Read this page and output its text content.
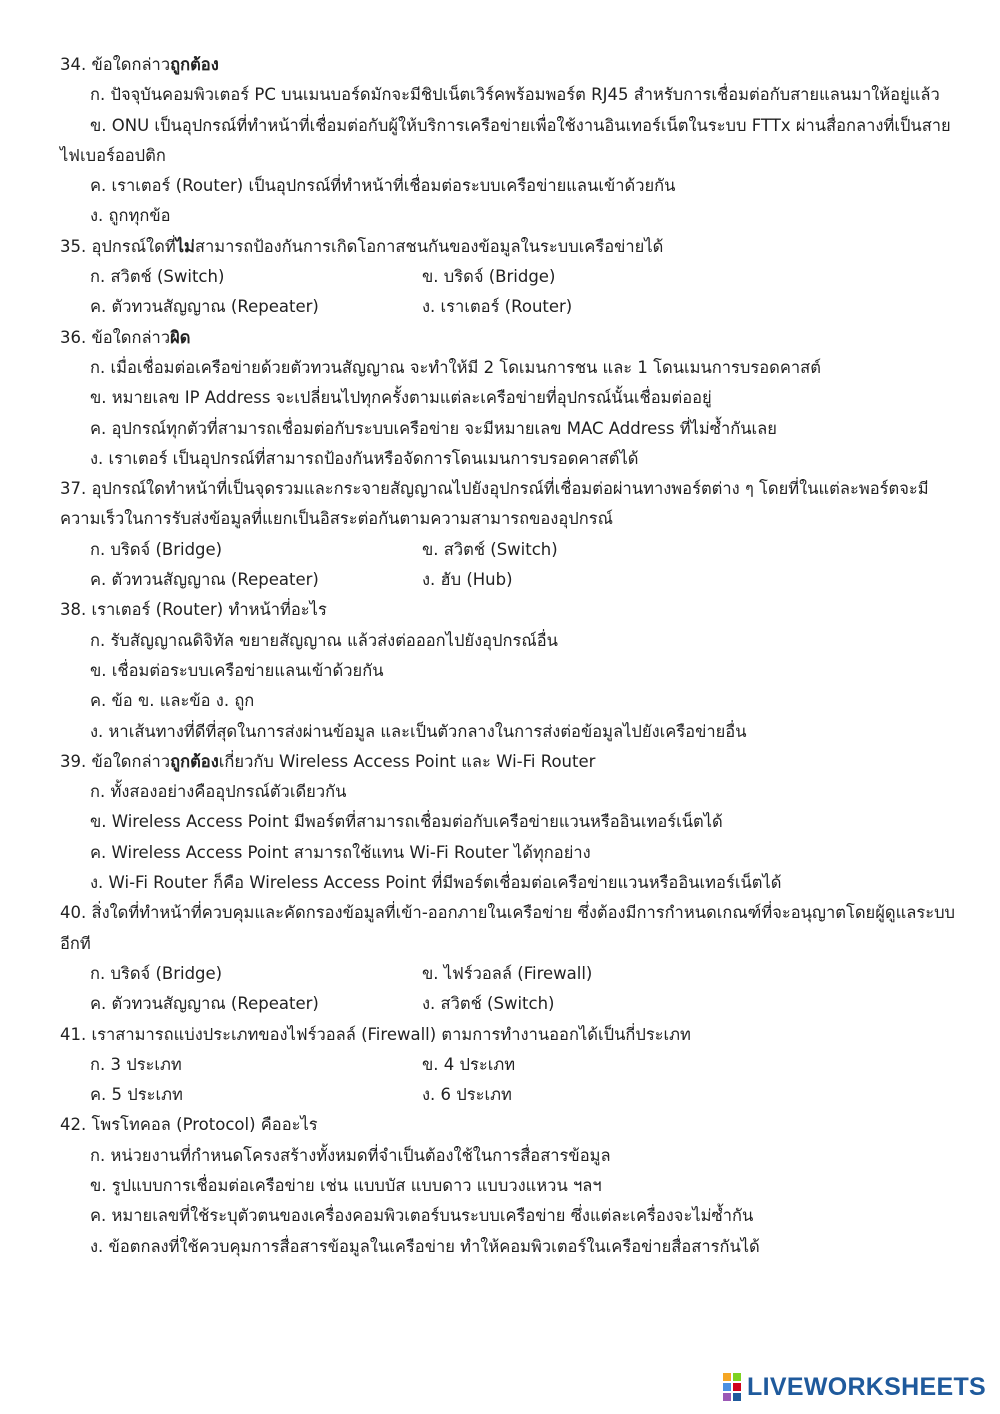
34. ข้อใดกล่าวถูกต้อง
ก. ปัจจุบันคอมพิวเตอร์ PC บนเมนบอร์ดมักจะมีชิปเน็ตเวิร์คพร้อมพอร์ต RJ45 สำหรับการเชื่อมต่อกับสายแลนมาให้อยู่แล้ว
ข. ONU เป็นอุปกรณ์ที่ทำหน้าที่เชื่อมต่อกับผู้ให้บริการเครือข่ายเพื่อใช้งานอินเทอร์เน็ตในระบบ FTTx ผ่านสื่อกลางที่เป็นสายไฟเบอร์ออปติก
ค. เราเตอร์ (Router) เป็นอุปกรณ์ที่ทำหน้าที่เชื่อมต่อระบบเครือข่ายแลนเข้าด้วยกัน
ง. ถูกทุกข้อ
35. อุปกรณ์ใดที่ไม่สามารถป้องกันการเกิดโอกาสชนกันของข้อมูลในระบบเครือข่ายได้
ก. สวิตช์ (Switch)	ข. บริดจ์ (Bridge)
ค. ตัวทวนสัญญาณ (Repeater)	ง. เราเตอร์ (Router)
36. ข้อใดกล่าวผิด
ก. เมื่อเชื่อมต่อเครือข่ายด้วยตัวทวนสัญญาณ จะทำให้มี 2 โดเมนการชน และ 1 โดนเมนการบรอดคาสต์
ข. หมายเลข IP Address จะเปลี่ยนไปทุกครั้งตามแต่ละเครือข่ายที่อุปกรณ์นั้นเชื่อมต่ออยู่
ค. อุปกรณ์ทุกตัวที่สามารถเชื่อมต่อกับระบบเครือข่าย จะมีหมายเลข MAC Address ที่ไม่ซ้ำกันเลย
ง. เราเตอร์ เป็นอุปกรณ์ที่สามารถป้องกันหรือจัดการโดนเมนการบรอดคาสต์ได้
37. อุปกรณ์ใดทำหน้าที่เป็นจุดรวมและกระจายสัญญาณไปยังอุปกรณ์ที่เชื่อมต่อผ่านทางพอร์ตต่าง ๆ โดยที่ในแต่ละพอร์ตจะมีความเร็วในการรับส่งข้อมูลที่แยกเป็นอิสระต่อกันตามความสามารถของอุปกรณ์
ก. บริดจ์ (Bridge)	ข. สวิตช์ (Switch)
ค. ตัวทวนสัญญาณ (Repeater)	ง. ฮับ (Hub)
38. เราเตอร์ (Router) ทำหน้าที่อะไร
ก. รับสัญญาณดิจิทัล ขยายสัญญาณ แล้วส่งต่อออกไปยังอุปกรณ์อื่น
ข. เชื่อมต่อระบบเครือข่ายแลนเข้าด้วยกัน
ค. ข้อ ข. และข้อ ง. ถูก
ง. หาเส้นทางที่ดีที่สุดในการส่งผ่านข้อมูล และเป็นตัวกลางในการส่งต่อข้อมูลไปยังเครือข่ายอื่น
39. ข้อใดกล่าวถูกต้องเกี่ยวกับ Wireless Access Point และ Wi-Fi Router
ก. ทั้งสองอย่างคืออุปกรณ์ตัวเดียวกัน
ข. Wireless Access Point มีพอร์ตที่สามารถเชื่อมต่อกับเครือข่ายแวนหรืออินเทอร์เน็ตได้
ค. Wireless Access Point สามารถใช้แทน Wi-Fi Router ได้ทุกอย่าง
ง. Wi-Fi Router ก็คือ Wireless Access Point ที่มีพอร์ตเชื่อมต่อเครือข่ายแวนหรืออินเทอร์เน็ตได้
40. สิ่งใดที่ทำหน้าที่ควบคุมและคัดกรองข้อมูลที่เข้า-ออกภายในเครือข่าย ซึ่งต้องมีการกำหนดเกณฑ์ที่จะอนุญาตโดยผู้ดูแลระบบอีกที
ก. บริดจ์ (Bridge)	ข. ไฟร์วอลล์ (Firewall)
ค. ตัวทวนสัญญาณ (Repeater)	ง. สวิตช์ (Switch)
41. เราสามารถแบ่งประเภทของไฟร์วอลล์ (Firewall) ตามการทำงานออกได้เป็นกี่ประเภท
ก. 3 ประเภท	ข. 4 ประเภท
ค. 5 ประเภท	ง. 6 ประเภท
42. โพรโทคอล (Protocol) คืออะไร
ก. หน่วยงานที่กำหนดโครงสร้างทั้งหมดที่จำเป็นต้องใช้ในการสื่อสารข้อมูล
ข. รูปแบบการเชื่อมต่อเครือข่าย เช่น แบบบัส แบบดาว แบบวงแหวน ฯลฯ
ค. หมายเลขที่ใช้ระบุตัวตนของเครื่องคอมพิวเตอร์บนระบบเครือข่าย ซึ่งแต่ละเครื่องจะไม่ซ้ำกัน
ง. ข้อตกลงที่ใช้ควบคุมการสื่อสารข้อมูลในเครือข่าย ทำให้คอมพิวเตอร์ในเครือข่ายสื่อสารกันได้
LIVEWORKSHEETS
